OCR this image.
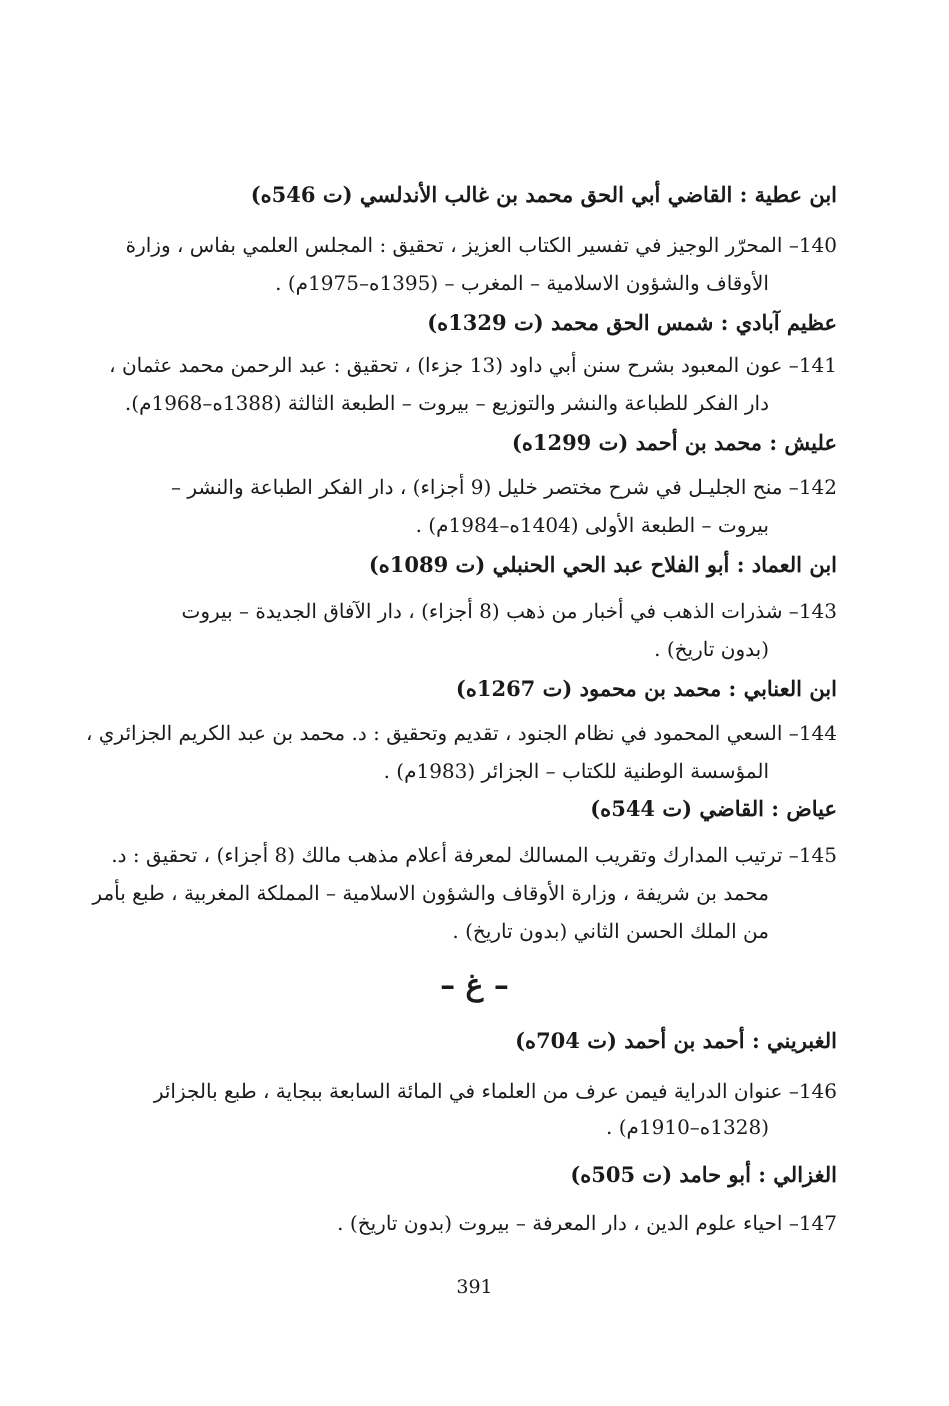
ابن عطية : القاضي أبي الحق محمد بن غالب الأندلسي (ت 546ه)
140– المحرّر الوجيز في تفسير الكتاب العزيز ، تحقيق : المجلس العلمي بفاس ، وزارة
الأوقاف والشؤون الاسلامية – المغرب – (1395ه–1975م) .
عظيم آبادي : شمس الحق محمد (ت 1329ه)
141– عون المعبود بشرح سنن أبي داود (13 جزءا) ، تحقيق : عبد الرحمن محمد عثمان ،
دار الفكر للطباعة والنشر والتوزيع – بيروت – الطبعة الثالثة (1388ه–1968م).
عليش : محمد بن أحمد (ت 1299ه)
142– منح الجليـل في شرح مختصر خليل (9 أجزاء) ، دار الفكر الطباعة والنشر –
بيروت – الطبعة الأولى (1404ه–1984م) .
ابن العماد : أبو الفلاح عبد الحي الحنبلي (ت 1089ه)
143– شذرات الذهب في أخبار من ذهب (8 أجزاء) ، دار الآفاق الجديدة – بيروت
(بدون تاريخ) .
ابن العنابي : محمد بن محمود (ت 1267ه)
144– السعي المحمود في نظام الجنود ، تقديم وتحقيق : د. محمد بن عبد الكريم الجزائري ،
المؤسسة الوطنية للكتاب – الجزائر (1983م) .
عياض : القاضي (ت 544ه)
145– ترتيب المدارك وتقريب المسالك لمعرفة أعلام مذهب مالك (8 أجزاء) ، تحقيق : د.
محمد بن شريفة ، وزارة الأوقاف والشؤون الاسلامية – المملكة المغربية ، طبع بأمر
من الملك الحسن الثاني (بدون تاريخ) .
– غ –
الغبريني : أحمد بن أحمد (ت 704ه)
146– عنوان الدراية فيمن عرف من العلماء في المائة السابعة ببجاية ، طبع بالجزائر
(1328ه–1910م) .
الغزالي : أبو حامد (ت 505ه)
147– احياء علوم الدين ، دار المعرفة – بيروت (بدون تاريخ) .
391
